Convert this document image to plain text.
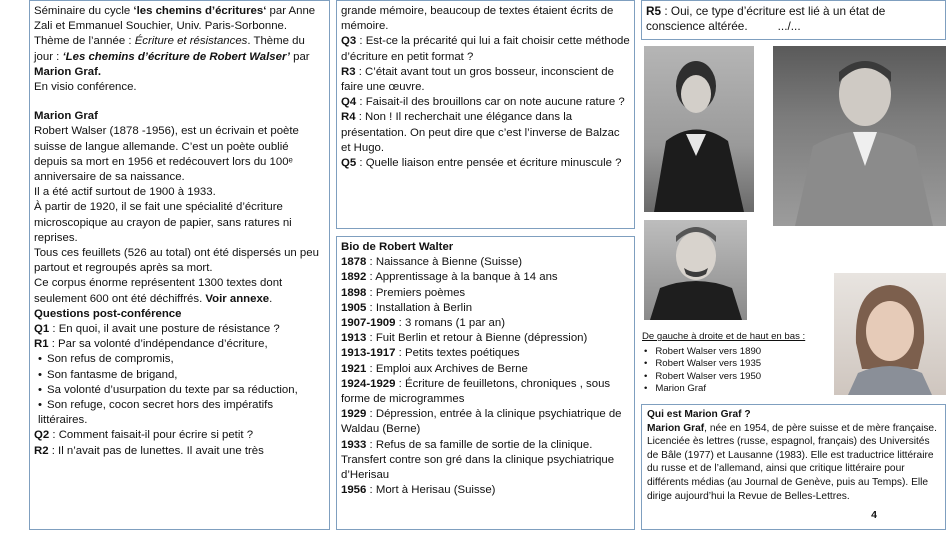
Séminaire du cycle ‘les chemins d’écritures‘ par Anne Zali et Emmanuel Souchier, Univ. Paris-Sorbonne. Thème de l’année : Écriture et résistances. Thème du jour : ‘Les chemins d’écriture de Robert Walser’ par Marion Graf.

En visio conférence.

Marion Graf

Robert Walser (1878 -1956), est un écrivain et poète suisse de langue allemande. C’est un poète oublié depuis sa mort en 1956 et redécouvert lors du 100ᵉ anniversaire de sa naissance.

Il a été actif surtout de 1900 à 1933.

À partir de 1920, il se fait une spécialité d’écriture microscopique au crayon de papier, sans ratures ni reprises.

Tous ces feuillets (526 au total) ont été dispersés un peu partout et regroupés après sa mort.

Ce corpus énorme représentent 1300 textes dont seulement 600 ont été déchiffrés. Voir annexe.

Questions post-conférence

Q1 : En quoi, il avait une posture de résistance ?

R1 : Par sa volonté d’indépendance d’écriture,

• Son refus de compromis,

• Son fantasme de brigand,

• Sa volonté d’usurpation du texte par sa réduction,

• Son refuge, cocon secret hors des impératifs littéraires.

Q2 : Comment faisait-il pour écrire si petit ?

R2 : Il n’avait pas de lunettes. Il avait une très

grande mémoire, beaucoup de textes étaient écrits de mémoire.

Q3 : Est-ce la précarité qui lui a fait choisir cette méthode d’écriture en petit format ?

R3 : C’était avant tout un gros bosseur, inconscient de faire une œuvre.

Q4 : Faisait-il des brouillons car on note aucune rature ?

R4 : Non ! Il recherchait une élégance dans la présentation. On peut dire que c’est l’inverse de Balzac et Hugo.

Q5 : Quelle liaison entre pensée et écriture minuscule ?

Bio de Robert Walter

1878 : Naissance à Bienne (Suisse)

1892 : Apprentissage à la banque à 14 ans

1898 : Premiers poèmes

1905 : Installation à Berlin

1907-1909 : 3 romans (1 par an)

1913 : Fuit Berlin et retour à Bienne (dépression)

1913-1917 : Petits textes poétiques

1921 : Emploi aux Archives de Berne

1924-1929 : Écriture de feuilletons, chroniques , sous forme de microgrammes

1929 : Dépression, entrée à la clinique psychiatrique de Waldau (Berne)

1933 : Refus de sa famille de sortie de la clinique. Transfert contre son gré dans la clinique psychiatrique d’Herisau

1956 : Mort à Herisau (Suisse)

R5 : Oui, ce type d’écriture est lié à un état de conscience altérée.	.../...

De gauche à droite et de haut en bas :

• Robert Walser vers 1890
• Robert Walser vers 1935
• Robert Walser vers 1950
• Marion Graf

Qui est Marion Graf ?

Marion Graf, née en 1954, de père suisse et de mère française. Licenciée ès lettres (russe, espagnol, français) des Universités de Bâle (1977) et Lausanne (1983). Elle est traductrice littéraire du russe et de l’allemand, ainsi que critique littéraire pour différents médias (au Journal de Genève, puis au Temps). Elle dirige aujourd’hui la Revue de Belles-Lettres.

4
